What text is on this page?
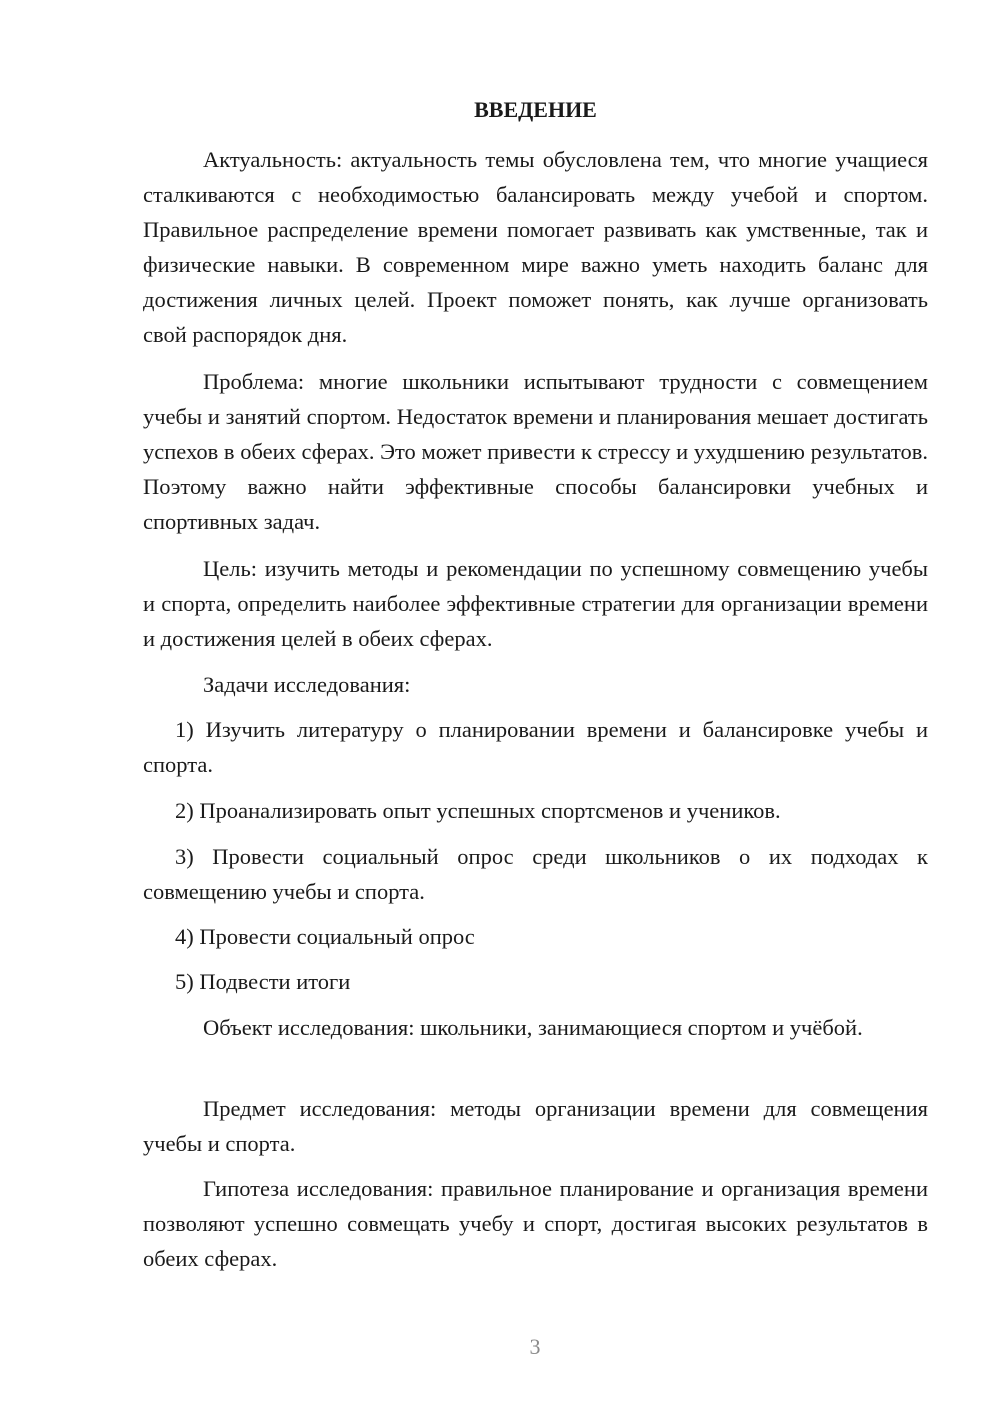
ВВЕДЕНИЕ

Актуальность: актуальность темы обусловлена тем, что многие учащиеся сталкиваются с необходимостью балансировать между учебой и спортом. Правильное распределение времени помогает развивать как умственные, так и физические навыки. В современном мире важно уметь находить баланс для достижения личных целей. Проект поможет понять, как лучше организовать свой распорядок дня.

Проблема: многие школьники испытывают трудности с совмещением учебы и занятий спортом. Недостаток времени и планирования мешает достигать успехов в обеих сферах. Это может привести к стрессу и ухудшению результатов. Поэтому важно найти эффективные способы балансировки учебных и спортивных задач.

Цель: изучить методы и рекомендации по успешному совмещению учебы и спорта, определить наиболее эффективные стратегии для организации времени и достижения целей в обеих сферах.

Задачи исследования:

1) Изучить литературу о планировании времени и балансировке учебы и спорта.

2) Проанализировать опыт успешных спортсменов и учеников.

3) Провести социальный опрос среди школьников о их подходах к совмещению учебы и спорта.

4) Провести социальный опрос

5) Подвести итоги

Объект исследования: школьники, занимающиеся спортом и учёбой.

Предмет исследования: методы организации времени для совмещения учебы и спорта.

Гипотеза исследования: правильное планирование и организация времени позволяют успешно совмещать учебу и спорт, достигая высоких результатов в обеих сферах.

3
